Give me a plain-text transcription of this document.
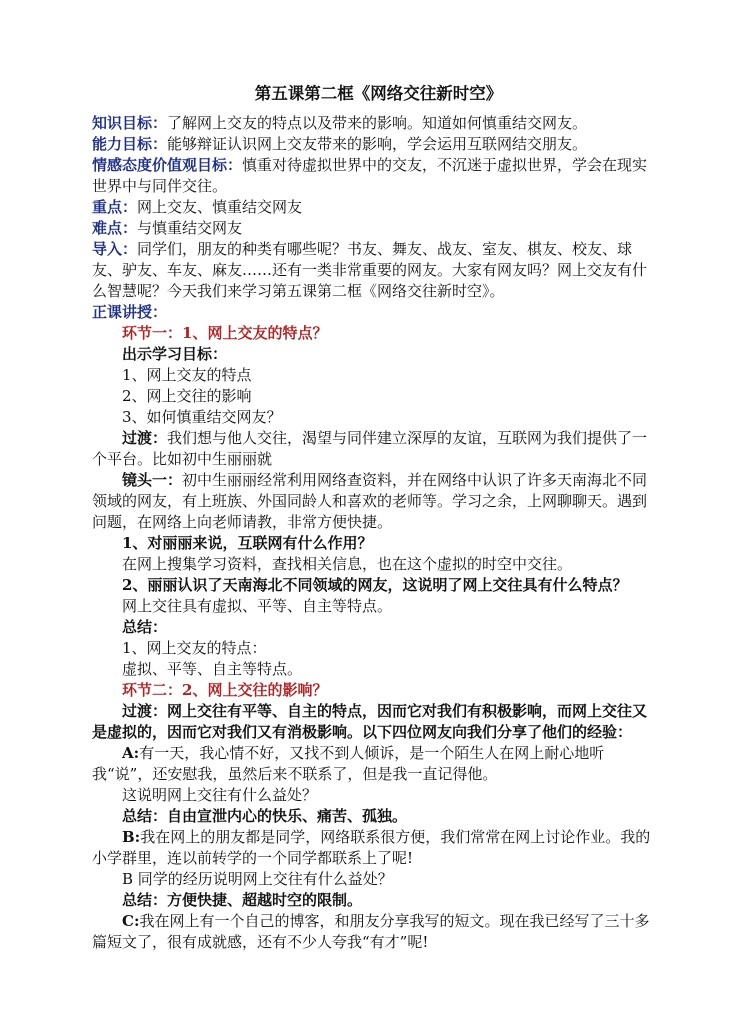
第五课第二框《网络交往新时空》

知识目标：了解网上交友的特点以及带来的影响。知道如何慎重结交网友。

能力目标：能够辩证认识网上交友带来的影响，学会运用互联网结交朋友。

情感态度价值观目标：慎重对待虚拟世界中的交友，不沉迷于虚拟世界，学会在现实世界中与同伴交往。

重点：网上交友、慎重结交网友

难点：与慎重结交网友

导入：同学们，朋友的种类有哪些呢？书友、舞友、战友、室友、棋友、校友、球友、驴友、车友、麻友……还有一类非常重要的网友。大家有网友吗？网上交友有什么智慧呢？今天我们来学习第五课第二框《网络交往新时空》。

正课讲授：

环节一：1、网上交友的特点？

出示学习目标：

1、网上交友的特点

2、网上交往的影响

3、如何慎重结交网友？

过渡：我们想与他人交往，渴望与同伴建立深厚的友谊，互联网为我们提供了一个平台。比如初中生丽丽就

镜头一：初中生丽丽经常利用网络查资料，并在网络中认识了许多天南海北不同领域的网友，有上班族、外国同龄人和喜欢的老师等。学习之余，上网聊聊天。遇到问题，在网络上向老师请教，非常方便快捷。

1、对丽丽来说，互联网有什么作用？

在网上搜集学习资料，查找相关信息，也在这个虚拟的时空中交往。

2、丽丽认识了天南海北不同领域的网友，这说明了网上交往具有什么特点？

网上交往具有虚拟、平等、自主等特点。

总结：

1、网上交友的特点：

虚拟、平等、自主等特点。

环节二：2、网上交往的影响？

过渡：网上交往有平等、自主的特点，因而它对我们有积极影响，而网上交往又是虚拟的，因而它对我们又有消极影响。以下四位网友向我们分享了他们的经验：

A:有一天，我心情不好，又找不到人倾诉，是一个陌生人在网上耐心地听我“说”，还安慰我，虽然后来不联系了，但是我一直记得他。

这说明网上交往有什么益处？

总结：自由宣泄内心的快乐、痛苦、孤独。

B:我在网上的朋友都是同学，网络联系很方便，我们常常在网上讨论作业。我的小学群里，连以前转学的一个同学都联系上了呢!

B 同学的经历说明网上交往有什么益处？

总结：方便快捷、超越时空的限制。

C:我在网上有一个自己的博客，和朋友分享我写的短文。现在我已经写了三十多篇短文了，很有成就感，还有不少人夸我“有才”呢!
